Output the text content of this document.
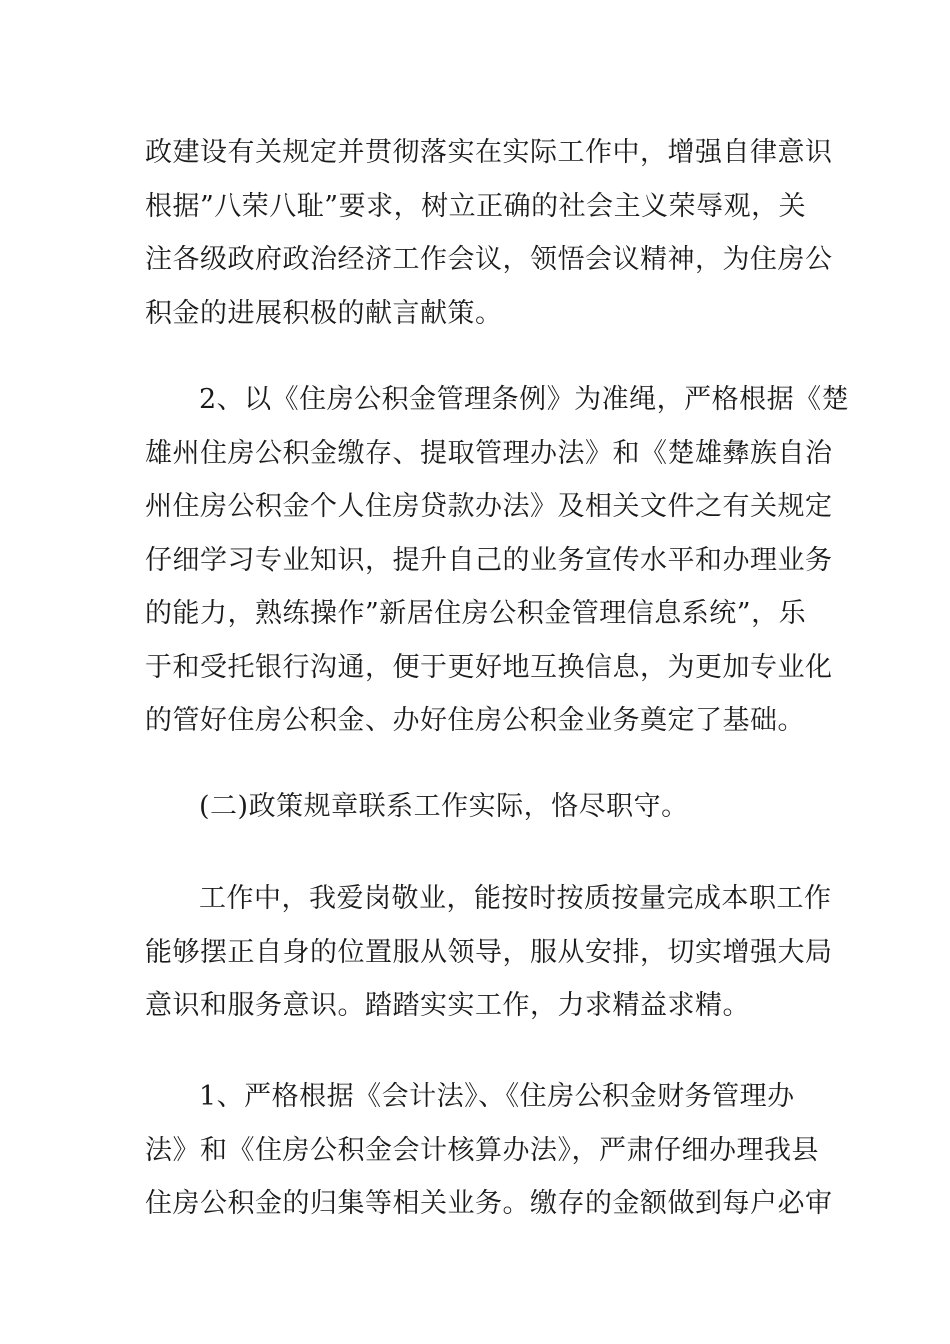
政建设有关规定并贯彻落实在实际工作中，增强自律意识
根据”八荣八耻”要求，树立正确的社会主义荣辱观，关
注各级政府政治经济工作会议，领悟会议精神，为住房公
积金的进展积极的献言献策。
2、以《住房公积金管理条例》为准绳，严格根据《楚
雄州住房公积金缴存、提取管理办法》和《楚雄彝族自治
州住房公积金个人住房贷款办法》及相关文件之有关规定
仔细学习专业知识，提升自己的业务宣传水平和办理业务
的能力，熟练操作”新居住房公积金管理信息系统”，乐
于和受托银行沟通，便于更好地互换信息，为更加专业化
的管好住房公积金、办好住房公积金业务奠定了基础。
(二)政策规章联系工作实际，恪尽职守。
工作中，我爱岗敬业，能按时按质按量完成本职工作
能够摆正自身的位置服从领导，服从安排，切实增强大局
意识和服务意识。踏踏实实工作，力求精益求精。
1、严格根据《会计法》、《住房公积金财务管理办
法》和《住房公积金会计核算办法》，严肃仔细办理我县
住房公积金的归集等相关业务。缴存的金额做到每户必审
